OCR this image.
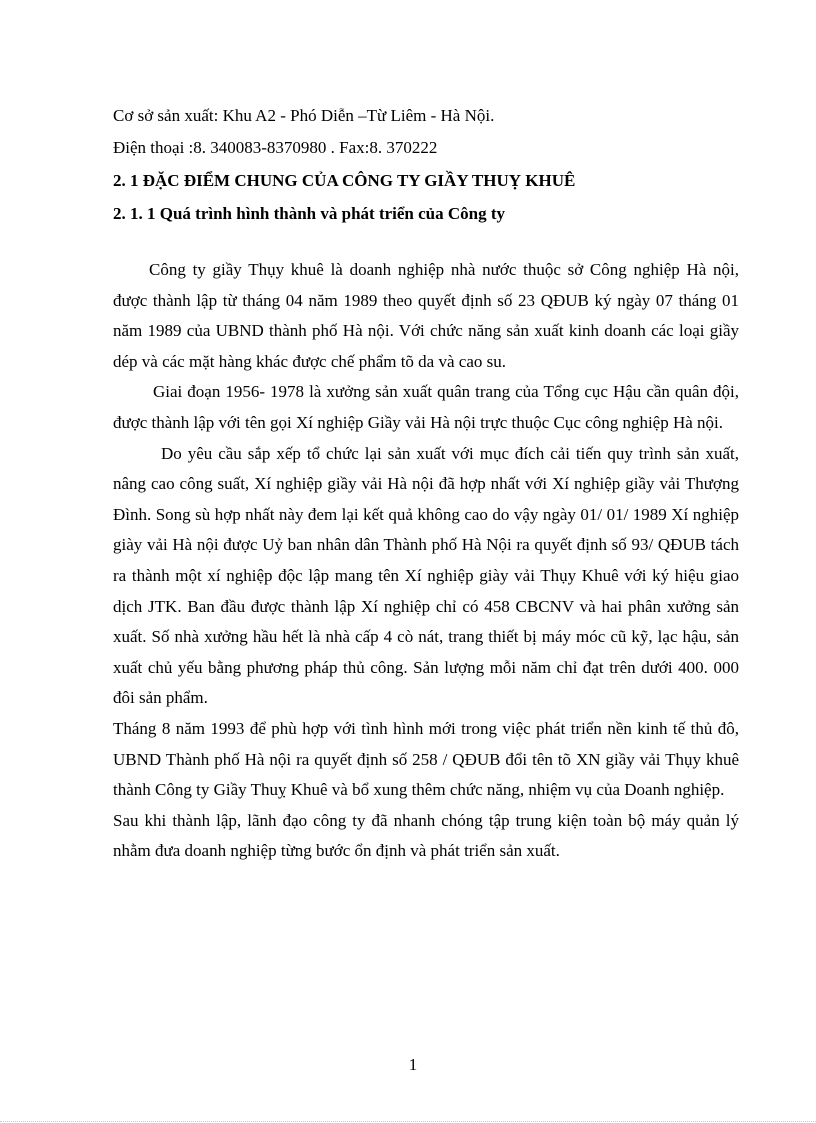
Cơ sở sản xuất: Khu A2 - Phó Diễn –Từ Liêm - Hà Nội.
Điện thoại :8. 340083-8370980 . Fax:8. 370222
2. 1 ĐẶC ĐIỂM CHUNG CỦA CÔNG TY GIẦY THUỴ KHUÊ
2. 1. 1 Quá trình hình thành và phát triển của Công ty

Công ty giầy Thụy khuê là doanh nghiệp nhà nước thuộc sở Công nghiệp Hà nội, được thành lập từ tháng 04 năm 1989 theo quyết định số 23 QĐUB ký ngày 07 tháng 01 năm 1989 của UBND thành phố Hà nội. Với chức năng sản xuất kinh doanh các loại giầy dép và các mặt hàng khác được chế phẩm tõ da và cao su.

Giai đoạn 1956- 1978 là xưởng sản xuất quân trang của Tổng cục Hậu cần quân đội, được thành lập với tên gọi Xí nghiệp Giầy vải Hà nội trực thuộc Cục công nghiệp Hà nội.

Do yêu cầu sắp xếp tổ chức lại sản xuất với mục đích cải tiến quy trình sản xuất, nâng cao công suất, Xí nghiệp giầy vải Hà nội đã hợp nhất với Xí nghiệp giầy vải Thượng Đình. Song sù hợp nhất này đem lại kết quả không cao do vậy ngày 01/ 01/ 1989 Xí nghiệp giày vải Hà nội được Uỷ ban nhân dân Thành phố Hà Nội ra quyết định số 93/ QĐUB tách ra thành một xí nghiệp độc lập mang tên Xí nghiệp giày vải Thụy Khuê với ký hiệu giao dịch JTK. Ban đầu được thành lập Xí nghiệp chỉ có 458 CBCNV và hai phân xưởng sản xuất. Số nhà xưởng hầu hết là nhà cấp 4 cò nát, trang thiết bị máy móc cũ kỹ, lạc hậu, sản xuất chủ yếu bằng phương pháp thủ công. Sản lượng mỗi năm chỉ đạt trên dưới 400. 000 đôi sản phẩm.

Tháng 8 năm 1993 để phù hợp với tình hình mới trong việc phát triển nền kinh tế thủ đô, UBND Thành phố Hà nội ra quyết định số 258 / QĐUB đổi tên tõ XN giầy vải Thụy khuê thành Công ty Giầy Thuỵ Khuê và bổ xung thêm chức năng, nhiệm vụ của Doanh nghiệp.

Sau khi thành lập, lãnh đạo công ty đã nhanh chóng tập trung kiện toàn bộ máy quản lý nhằm đưa doanh nghiệp từng bước ổn định và phát triển sản xuất.

1
